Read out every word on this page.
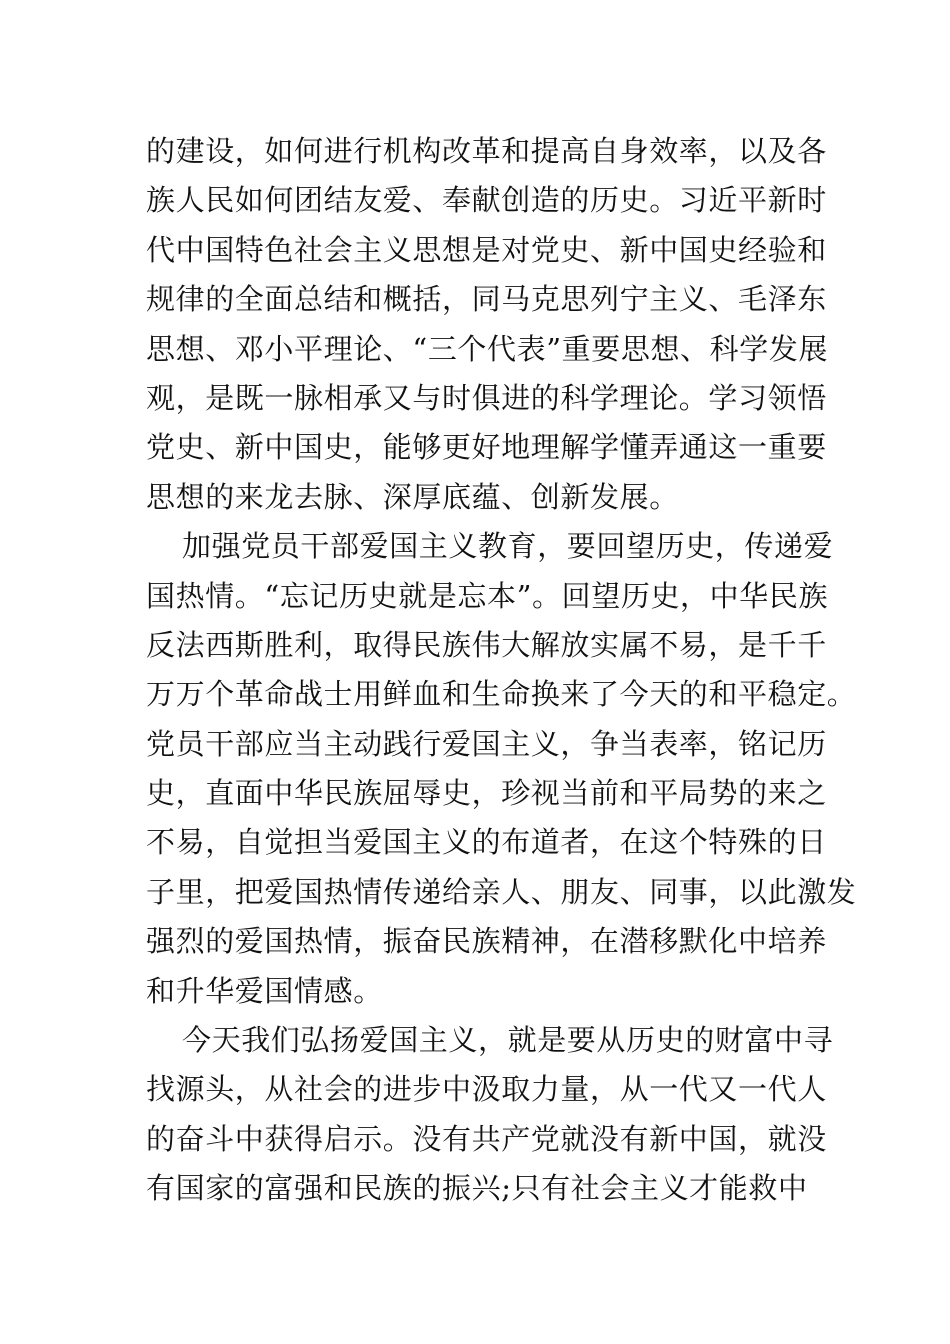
的建设，如何进行机构改革和提高自身效率，以及各
族人民如何团结友爱、奉献创造的历史。习近平新时
代中国特色社会主义思想是对党史、新中国史经验和
规律的全面总结和概括，同马克思列宁主义、毛泽东
思想、邓小平理论、“三个代表”重要思想、科学发展
观，是既一脉相承又与时俱进的科学理论。学习领悟
党史、新中国史，能够更好地理解学懂弄通这一重要
思想的来龙去脉、深厚底蕴、创新发展。
加强党员干部爱国主义教育，要回望历史，传递爱
国热情。“忘记历史就是忘本”。回望历史，中华民族
反法西斯胜利，取得民族伟大解放实属不易，是千千
万万个革命战士用鲜血和生命换来了今天的和平稳定。
党员干部应当主动践行爱国主义，争当表率，铭记历
史，直面中华民族屈辱史，珍视当前和平局势的来之
不易，自觉担当爱国主义的布道者，在这个特殊的日
子里，把爱国热情传递给亲人、朋友、同事，以此激发
强烈的爱国热情，振奋民族精神，在潜移默化中培养
和升华爱国情感。
今天我们弘扬爱国主义，就是要从历史的财富中寻
找源头，从社会的进步中汲取力量，从一代又一代人
的奋斗中获得启示。没有共产党就没有新中国，就没
有国家的富强和民族的振兴;只有社会主义才能救中
